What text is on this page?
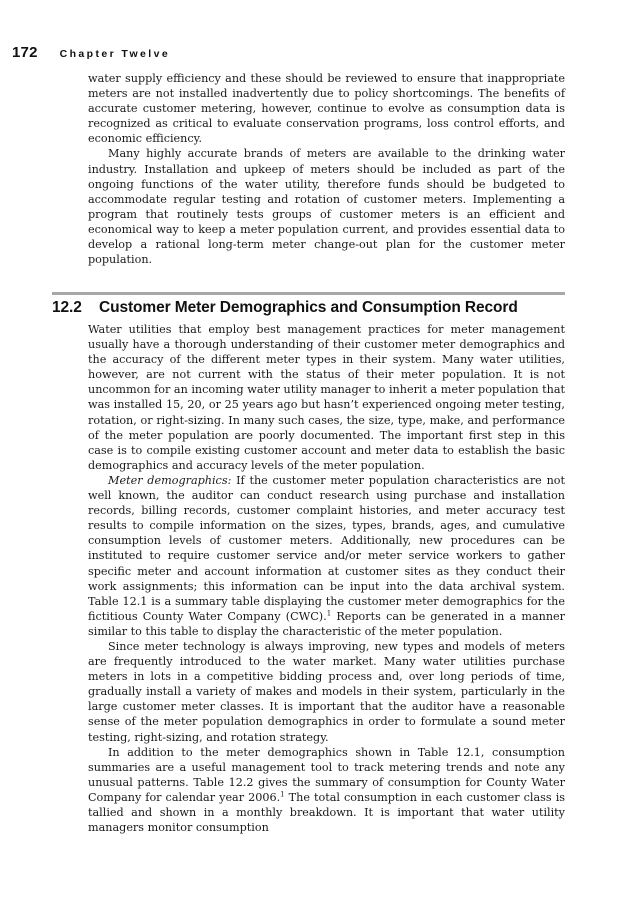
172 Chapter Twelve

water supply efficiency and these should be reviewed to ensure that inappropriate meters are not installed inadvertently due to policy shortcomings. The benefits of accurate customer metering, however, continue to evolve as consumption data is recognized as critical to evaluate conservation programs, loss control efforts, and economic efficiency.

Many highly accurate brands of meters are available to the drinking water industry. Installation and upkeep of meters should be included as part of the ongoing functions of the water utility, therefore funds should be budgeted to accommodate regular testing and rotation of customer meters. Implementing a program that routinely tests groups of customer meters is an efficient and economical way to keep a meter population current, and provides essential data to develop a rational long-term meter change-out plan for the customer meter population.

12.2 Customer Meter Demographics and Consumption Record

Water utilities that employ best management practices for meter management usually have a thorough understanding of their customer meter demographics and the accuracy of the different meter types in their system. Many water utilities, however, are not current with the status of their meter population. It is not uncommon for an incoming water utility manager to inherit a meter population that was installed 15, 20, or 25 years ago but hasn’t experienced ongoing meter testing, rotation, or right-sizing. In many such cases, the size, type, make, and performance of the meter population are poorly documented. The important first step in this case is to compile existing customer account and meter data to establish the basic demographics and accuracy levels of the meter population.

Meter demographics: If the customer meter population characteristics are not well known, the auditor can conduct research using purchase and installation records, billing records, customer complaint histories, and meter accuracy test results to compile information on the sizes, types, brands, ages, and cumulative consumption levels of customer meters. Additionally, new procedures can be instituted to require customer service and/or meter service workers to gather specific meter and account information at customer sites as they conduct their work assignments; this information can be input into the data archival system. Table 12.1 is a summary table displaying the customer meter demographics for the fictitious County Water Company (CWC).$^1$ Reports can be generated in a manner similar to this table to display the characteristic of the meter population.

Since meter technology is always improving, new types and models of meters are frequently introduced to the water market. Many water utilities purchase meters in lots in a competitive bidding process and, over long periods of time, gradually install a variety of makes and models in their system, particularly in the large customer meter classes. It is important that the auditor have a reasonable sense of the meter population demographics in order to formulate a sound meter testing, right-sizing, and rotation strategy.

In addition to the meter demographics shown in Table 12.1, consumption summaries are a useful management tool to track metering trends and note any unusual patterns. Table 12.2 gives the summary of consumption for County Water Company for calendar year 2006.$^1$ The total consumption in each customer class is tallied and shown in a monthly breakdown. It is important that water utility managers monitor consumption
